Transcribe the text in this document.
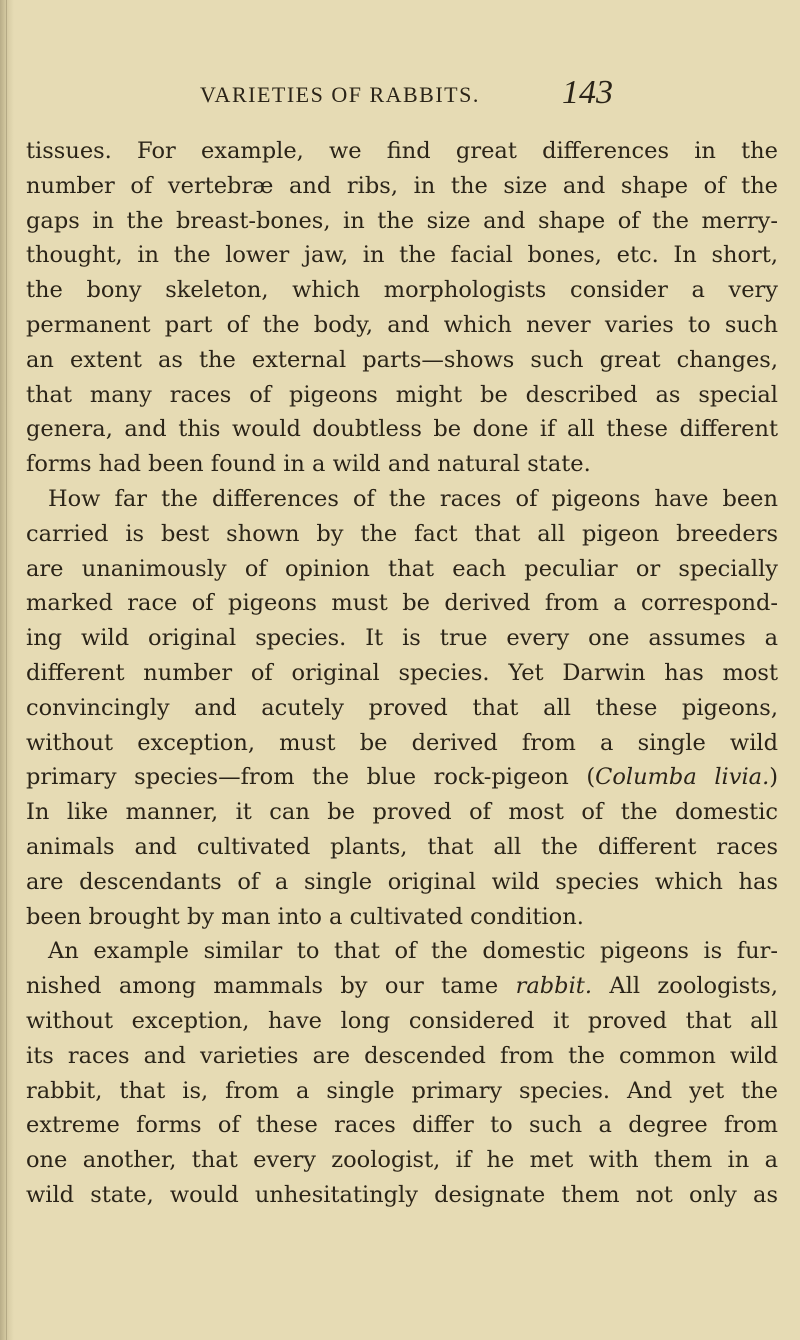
VARIETIES OF RABBITS.	143
tissues. For example, we find great differences in the
number of vertebræ and ribs, in the size and shape of the
gaps in the breast-bones, in the size and shape of the merry-
thought, in the lower jaw, in the facial bones, etc. In short,
the bony skeleton, which morphologists consider a very
permanent part of the body, and which never varies to such
an extent as the external parts—shows such great changes,
that many races of pigeons might be described as special
genera, and this would doubtless be done if all these different
forms had been found in a wild and natural state.
How far the differences of the races of pigeons have been
carried is best shown by the fact that all pigeon breeders
are unanimously of opinion that each peculiar or specially
marked race of pigeons must be derived from a correspond-
ing wild original species. It is true every one assumes a
different number of original species. Yet Darwin has most
convincingly and acutely proved that all these pigeons,
without exception, must be derived from a single wild
primary species—from the blue rock-pigeon (Columba livia.)
In like manner, it can be proved of most of the domestic
animals and cultivated plants, that all the different races
are descendants of a single original wild species which has
been brought by man into a cultivated condition.
An example similar to that of the domestic pigeons is fur-
nished among mammals by our tame rabbit. All zoologists,
without exception, have long considered it proved that all
its races and varieties are descended from the common wild
rabbit, that is, from a single primary species. And yet the
extreme forms of these races differ to such a degree from
one another, that every zoologist, if he met with them in a
wild state, would unhesitatingly designate them not only as
